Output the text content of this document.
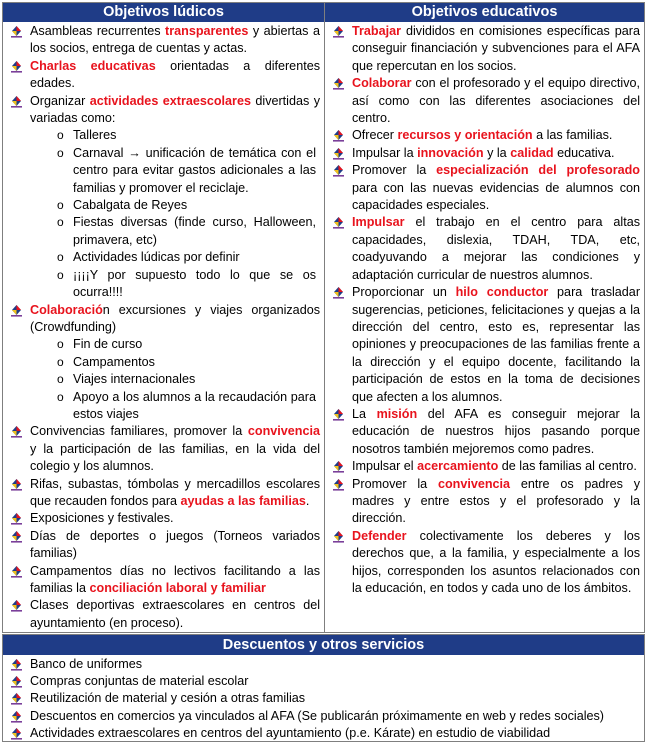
Objetivos lúdicos
Asambleas recurrentes transparentes y abiertas a los socios, entrega de cuentas y actas.
Charlas educativas orientadas a diferentes edades.
Organizar actividades extraescolares divertidas y variadas como:
o Talleres
o Carnaval → unificación de temática con el centro para evitar gastos adicionales a las familias y promover el reciclaje.
o Cabalgata de Reyes
o Fiestas diversas (finde curso, Halloween, primavera, etc)
o Actividades lúdicas por definir
o ¡¡¡¡Y por supuesto todo lo que se os ocurra!!!!
Colaboración excursiones y viajes organizados (Crowdfunding)
o Fin de curso
o Campamentos
o Viajes internacionales
o Apoyo a los alumnos a la recaudación para estos viajes
Convivencias familiares, promover la convivencia y la participación de las familias, en la vida del colegio y los alumnos.
Rifas, subastas, tómbolas y mercadillos escolares que recauden fondos para ayudas a las familias.
Exposiciones y festivales.
Días de deportes o juegos (Torneos variados familias)
Campamentos días no lectivos facilitando a las familias la conciliación laboral y familiar
Clases deportivas extraescolares en centros del ayuntamiento (en proceso).
Objetivos educativos
Trabajar divididos en comisiones específicas para conseguir financiación y subvenciones para el AFA que repercutan en los socios.
Colaborar con el profesorado y el equipo directivo, así como con las diferentes asociaciones del centro.
Ofrecer recursos y orientación a las familias.
Impulsar la innovación y la calidad educativa.
Promover la especialización del profesorado para con las nuevas evidencias de alumnos con capacidades especiales.
Impulsar el trabajo en el centro para altas capacidades, dislexia, TDAH, TDA, etc, coadyuvando a mejorar las condiciones y adaptación curricular de nuestros alumnos.
Proporcionar un hilo conductor para trasladar sugerencias, peticiones, felicitaciones y quejas a la dirección del centro, esto es, representar las opiniones y preocupaciones de las familias frente a la dirección y el equipo docente, facilitando la participación de estos en la toma de decisiones que afecten a los alumnos.
La misión del AFA es conseguir mejorar la educación de nuestros hijos pasando porque nosotros también mejoremos como padres.
Impulsar el acercamiento de las familias al centro.
Promover la convivencia entre os padres y madres y entre estos y el profesorado y la dirección.
Defender colectivamente los deberes y los derechos que, a la familia, y especialmente a los hijos, corresponden los asuntos relacionados con la educación, en todos y cada uno de los ámbitos.
Descuentos y otros servicios
Banco de uniformes
Compras conjuntas de material escolar
Reutilización de material y cesión a otras familias
Descuentos en comercios ya vinculados al AFA (Se publicarán próximamente en web y redes sociales)
Actividades extraescolares en centros del ayuntamiento (p.e. Kárate) en estudio de viabilidad
